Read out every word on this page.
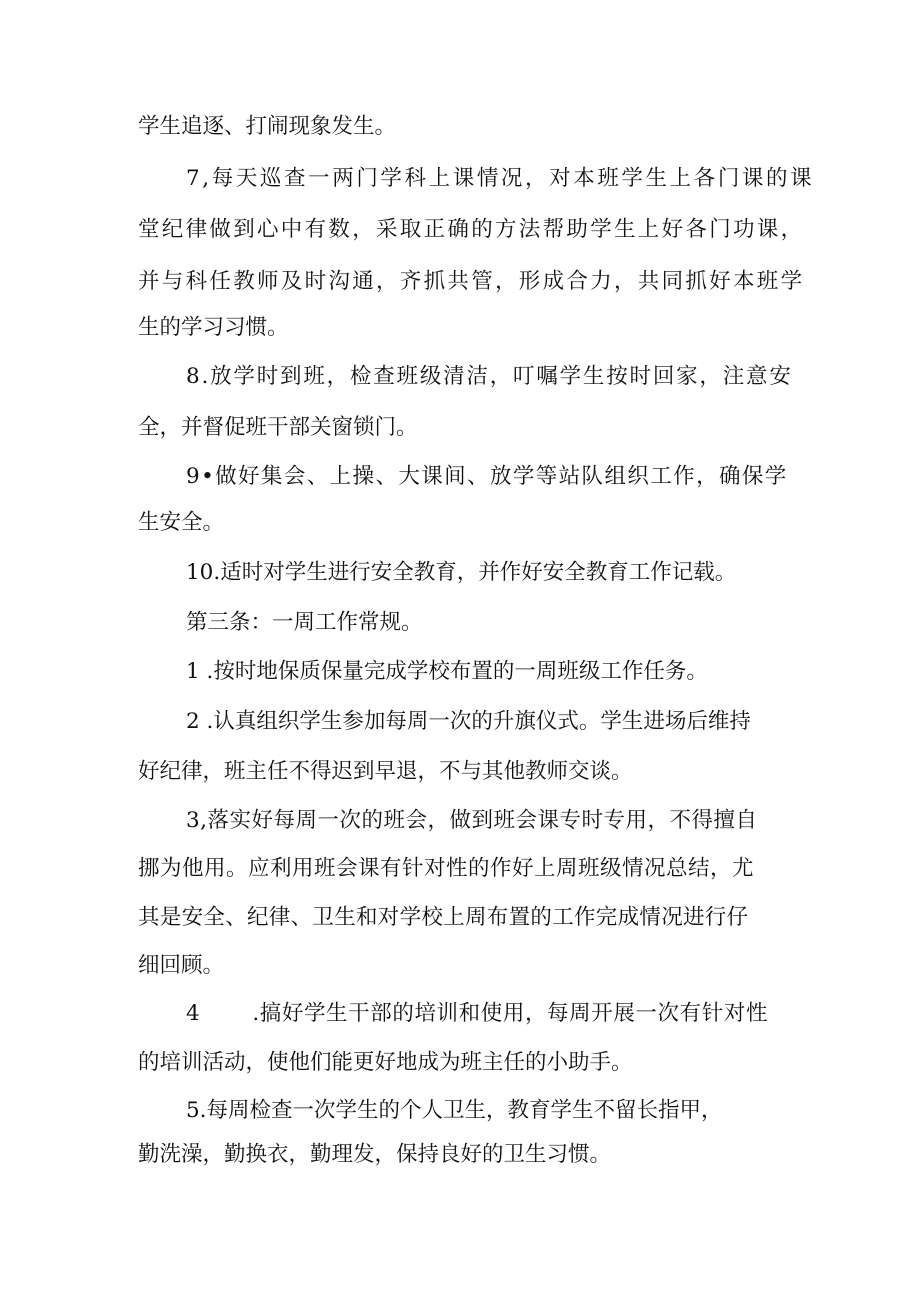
学生追逐、打闹现象发生。
7,每天巡查一两门学科上课情况，对本班学生上各门课的课
堂纪律做到心中有数，采取正确的方法帮助学生上好各门功课，
并与科任教师及时沟通，齐抓共管，形成合力，共同抓好本班学
生的学习习惯。
8.放学时到班，检查班级清洁，叮嘱学生按时回家，注意安
全，并督促班干部关窗锁门。
9•做好集会、上操、大课间、放学等站队组织工作，确保学
生安全。
10.适时对学生进行安全教育，并作好安全教育工作记载。
第三条：一周工作常规。
1 .按时地保质保量完成学校布置的一周班级工作任务。
2 .认真组织学生参加每周一次的升旗仪式。学生进场后维持
好纪律，班主任不得迟到早退，不与其他教师交谈。
3,落实好每周一次的班会，做到班会课专时专用，不得擅自
挪为他用。应利用班会课有针对性的作好上周班级情况总结，尤
其是安全、纪律、卫生和对学校上周布置的工作完成情况进行仔
细回顾。
4       .搞好学生干部的培训和使用，每周开展一次有针对性
的培训活动，使他们能更好地成为班主任的小助手。
5.每周检查一次学生的个人卫生，教育学生不留长指甲，
勤洗澡，勤换衣，勤理发，保持良好的卫生习惯。
